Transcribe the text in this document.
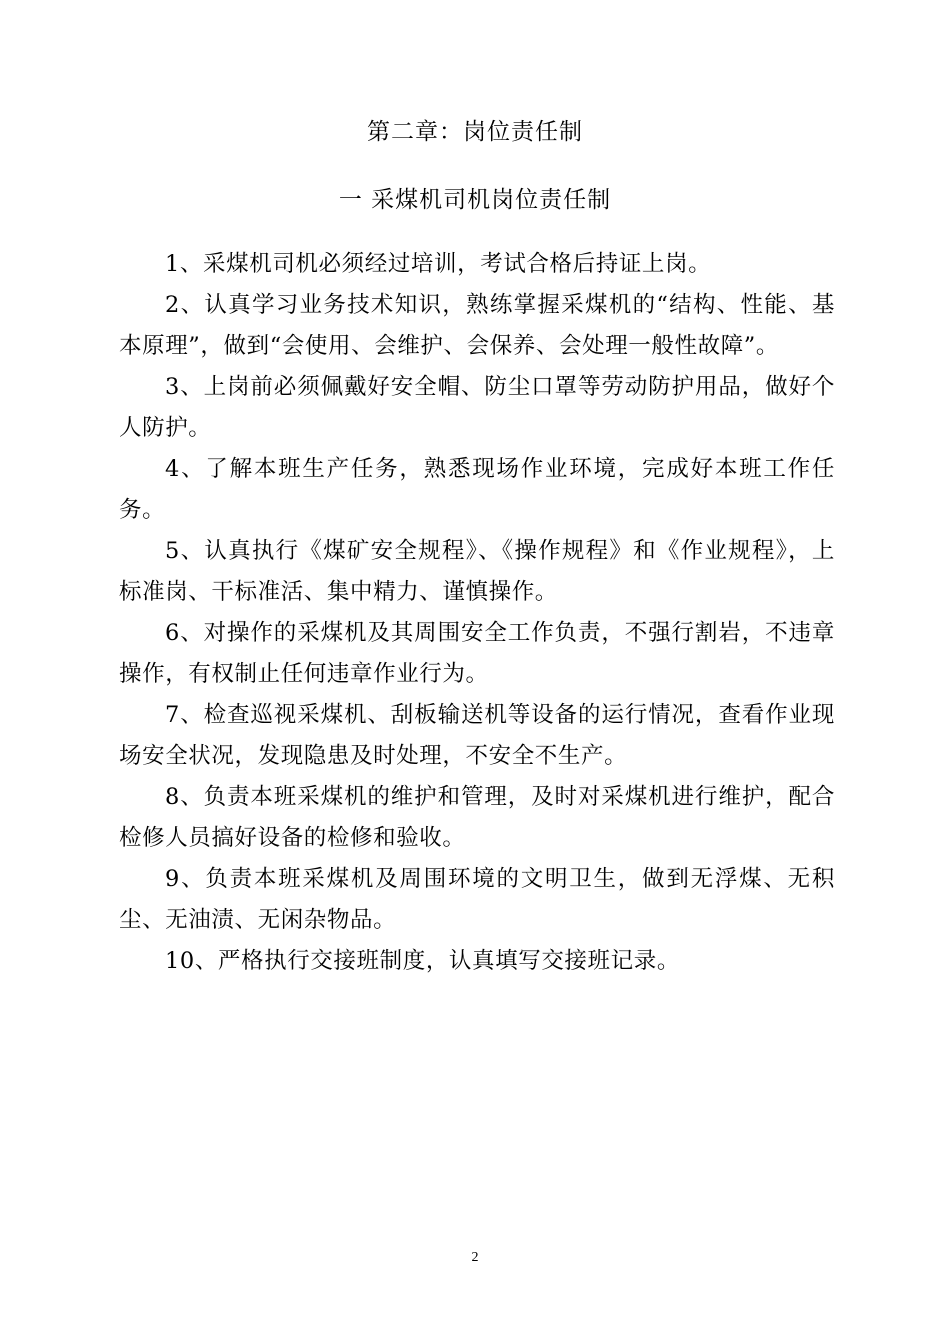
第二章：岗位责任制
一 采煤机司机岗位责任制

1、采煤机司机必须经过培训，考试合格后持证上岗。

2、认真学习业务技术知识，熟练掌握采煤机的“结构、性能、基本原理”，做到“会使用、会维护、会保养、会处理一般性故障”。

3、上岗前必须佩戴好安全帽、防尘口罩等劳动防护用品，做好个人防护。

4、了解本班生产任务，熟悉现场作业环境，完成好本班工作任务。

5、认真执行《煤矿安全规程》、《操作规程》和《作业规程》，上标准岗、干标准活、集中精力、谨慎操作。

6、对操作的采煤机及其周围安全工作负责，不强行割岩，不违章操作，有权制止任何违章作业行为。

7、检查巡视采煤机、刮板输送机等设备的运行情况，查看作业现场安全状况，发现隐患及时处理，不安全不生产。

8、负责本班采煤机的维护和管理，及时对采煤机进行维护，配合检修人员搞好设备的检修和验收。

9、负责本班采煤机及周围环境的文明卫生，做到无浮煤、无积尘、无油渍、无闲杂物品。

10、严格执行交接班制度，认真填写交接班记录。

2
